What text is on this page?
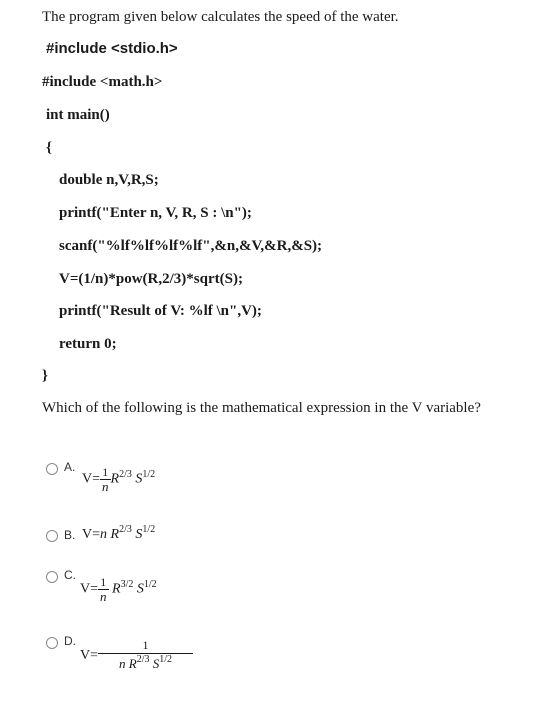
The program given below calculates the speed of the water.
#include <stdio.h>
#include <math.h>
int main()
{
double n,V,R,S;
printf("Enter n, V, R, S : \n");
scanf("%lf%lf%lf%lf",&n,&V,&R,&S);
V=(1/n)*pow(R,2/3)*sqrt(S);
printf("Result of V: %lf \n",V);
return 0;
}
Which of the following is the mathematical expression in the V variable?
A.
$V= \frac{1}{n} R^{2/3}$ $S^{1/2}$
B. V=n $R^{2/3}$ $S^{1/2}$
C.
$V= \frac{1}{n} R^{3/2}$ $S^{1/2}$
D.
$V= \frac{1}{n R^{2/3} S^{1/2}}$
